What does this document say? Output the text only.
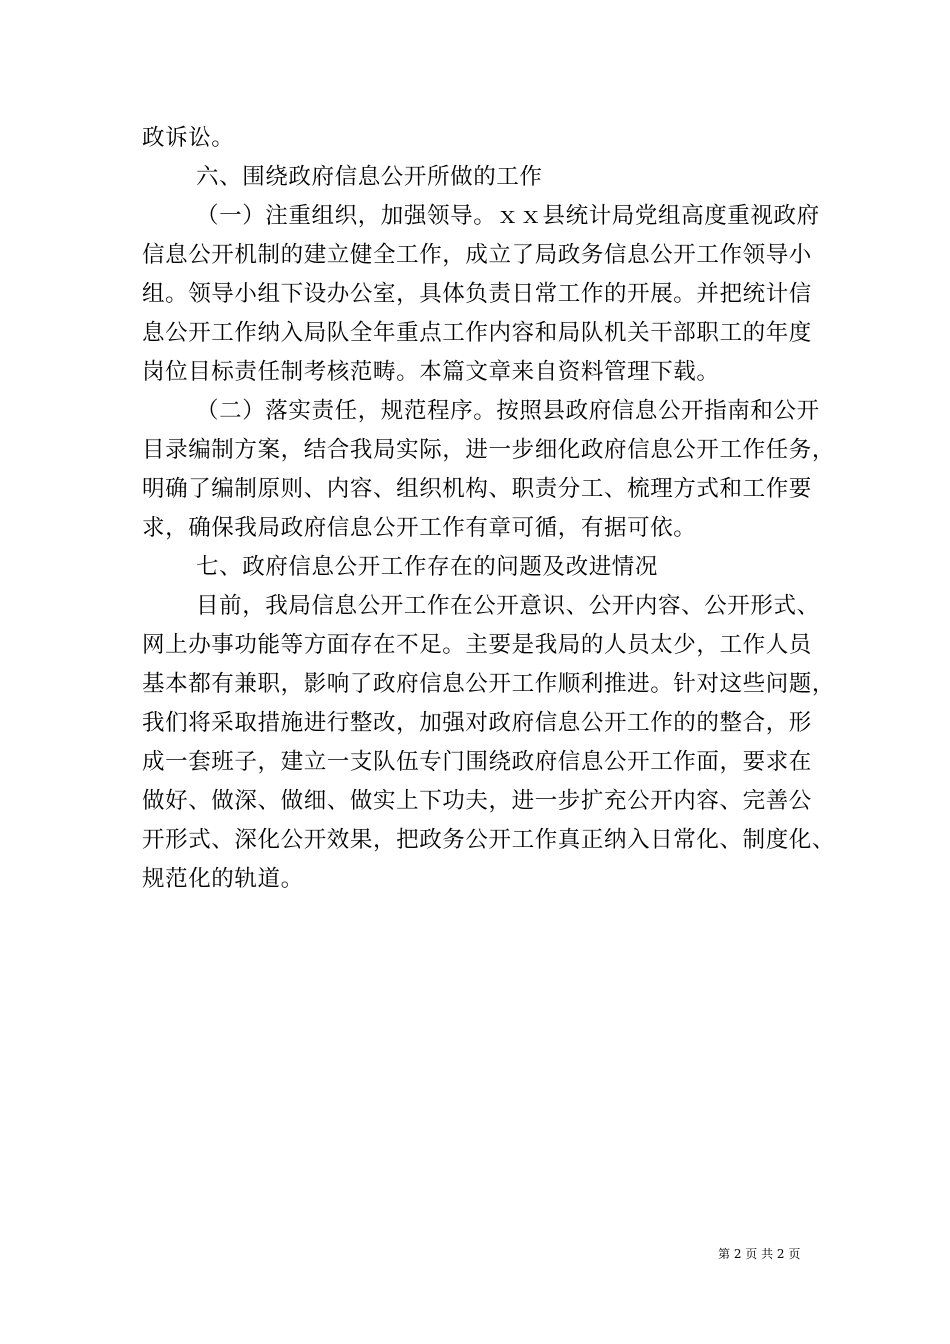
政诉讼。
六、围绕政府信息公开所做的工作
（一）注重组织，加强领导。ｘｘ县统计局党组高度重视政府
信息公开机制的建立健全工作，成立了局政务信息公开工作领导小
组。领导小组下设办公室，具体负责日常工作的开展。并把统计信
息公开工作纳入局队全年重点工作内容和局队机关干部职工的年度
岗位目标责任制考核范畴。本篇文章来自资料管理下载。
（二）落实责任，规范程序。按照县政府信息公开指南和公开
目录编制方案，结合我局实际，进一步细化政府信息公开工作任务，
明确了编制原则、内容、组织机构、职责分工、梳理方式和工作要
求，确保我局政府信息公开工作有章可循，有据可依。
七、政府信息公开工作存在的问题及改进情况
目前，我局信息公开工作在公开意识、公开内容、公开形式、
网上办事功能等方面存在不足。主要是我局的人员太少，工作人员
基本都有兼职，影响了政府信息公开工作顺利推进。针对这些问题，
我们将采取措施进行整改，加强对政府信息公开工作的的整合，形
成一套班子，建立一支队伍专门围绕政府信息公开工作面，要求在
做好、做深、做细、做实上下功夫，进一步扩充公开内容、完善公
开形式、深化公开效果，把政务公开工作真正纳入日常化、制度化、
规范化的轨道。
第 2 页 共 2 页
